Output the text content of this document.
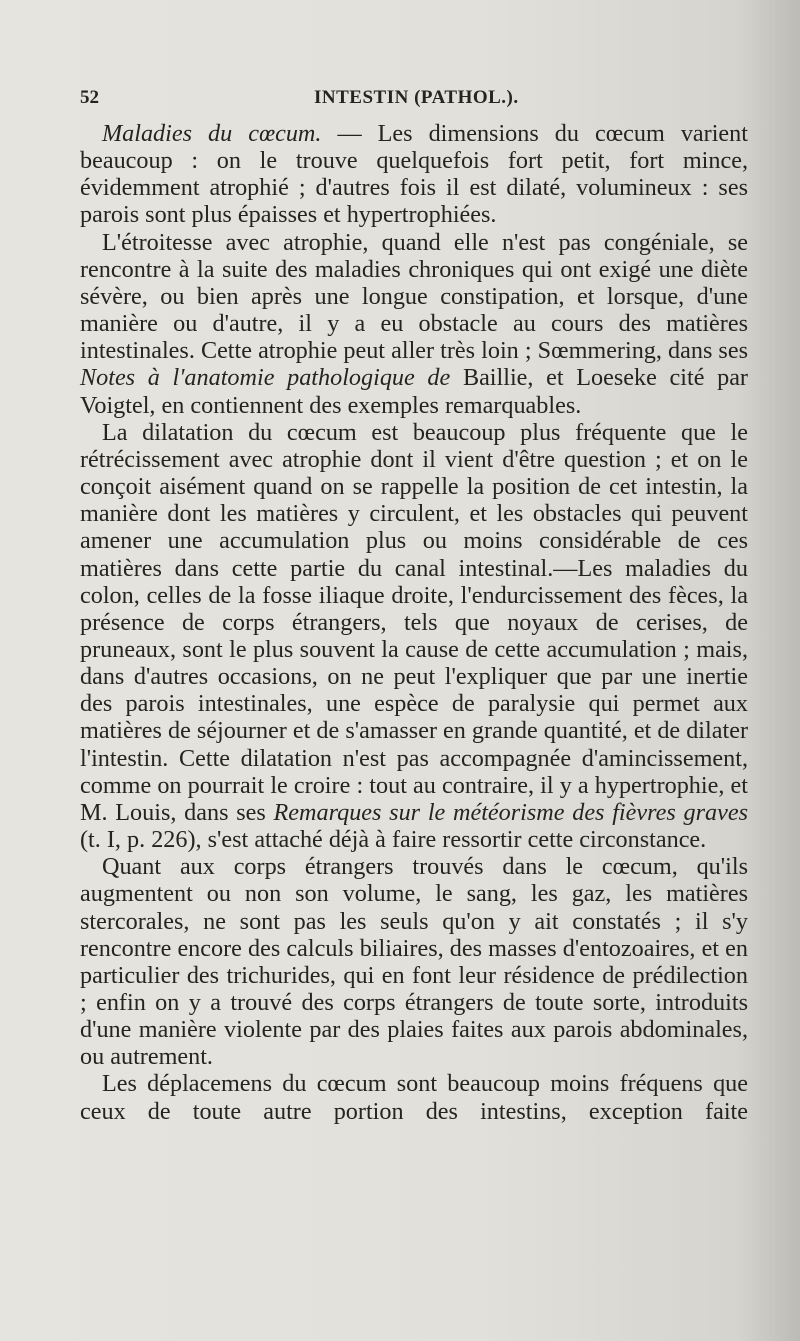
52	INTESTIN (PATHOL.).

Maladies du cœcum. — Les dimensions du cœcum varient beaucoup : on le trouve quelquefois fort petit, fort mince, évidemment atrophié ; d'autres fois il est dilaté, volumineux : ses parois sont plus épaisses et hypertrophiées.

L'étroitesse avec atrophie, quand elle n'est pas congéniale, se rencontre à la suite des maladies chroniques qui ont exigé une diète sévère, ou bien après une longue constipation, et lorsque, d'une manière ou d'autre, il y a eu obstacle au cours des matières intestinales. Cette atrophie peut aller très loin ; Sœmmering, dans ses Notes à l'anatomie pathologique de Baillie, et Loeseke cité par Voigtel, en contiennent des exemples remarquables.

La dilatation du cœcum est beaucoup plus fréquente que le rétrécissement avec atrophie dont il vient d'être question ; et on le conçoit aisément quand on se rappelle la position de cet intestin, la manière dont les matières y circulent, et les obstacles qui peuvent amener une accumulation plus ou moins considérable de ces matières dans cette partie du canal intestinal.—Les maladies du colon, celles de la fosse iliaque droite, l'endurcissement des fèces, la présence de corps étrangers, tels que noyaux de cerises, de pruneaux, sont le plus souvent la cause de cette accumulation ; mais, dans d'autres occasions, on ne peut l'expliquer que par une inertie des parois intestinales, une espèce de paralysie qui permet aux matières de séjourner et de s'amasser en grande quantité, et de dilater l'intestin. Cette dilatation n'est pas accompagnée d'amincissement, comme on pourrait le croire : tout au contraire, il y a hypertrophie, et M. Louis, dans ses Remarques sur le météorisme des fièvres graves (t. I, p. 226), s'est attaché déjà à faire ressortir cette circonstance.

Quant aux corps étrangers trouvés dans le cœcum, qu'ils augmentent ou non son volume, le sang, les gaz, les matières stercorales, ne sont pas les seuls qu'on y ait constatés ; il s'y rencontre encore des calculs biliaires, des masses d'entozoaires, et en particulier des trichurides, qui en font leur résidence de prédilection ; enfin on y a trouvé des corps étrangers de toute sorte, introduits d'une manière violente par des plaies faites aux parois abdominales, ou autrement.

Les déplacemens du cœcum sont beaucoup moins fréquens que ceux de toute autre portion des intestins, exception faite
